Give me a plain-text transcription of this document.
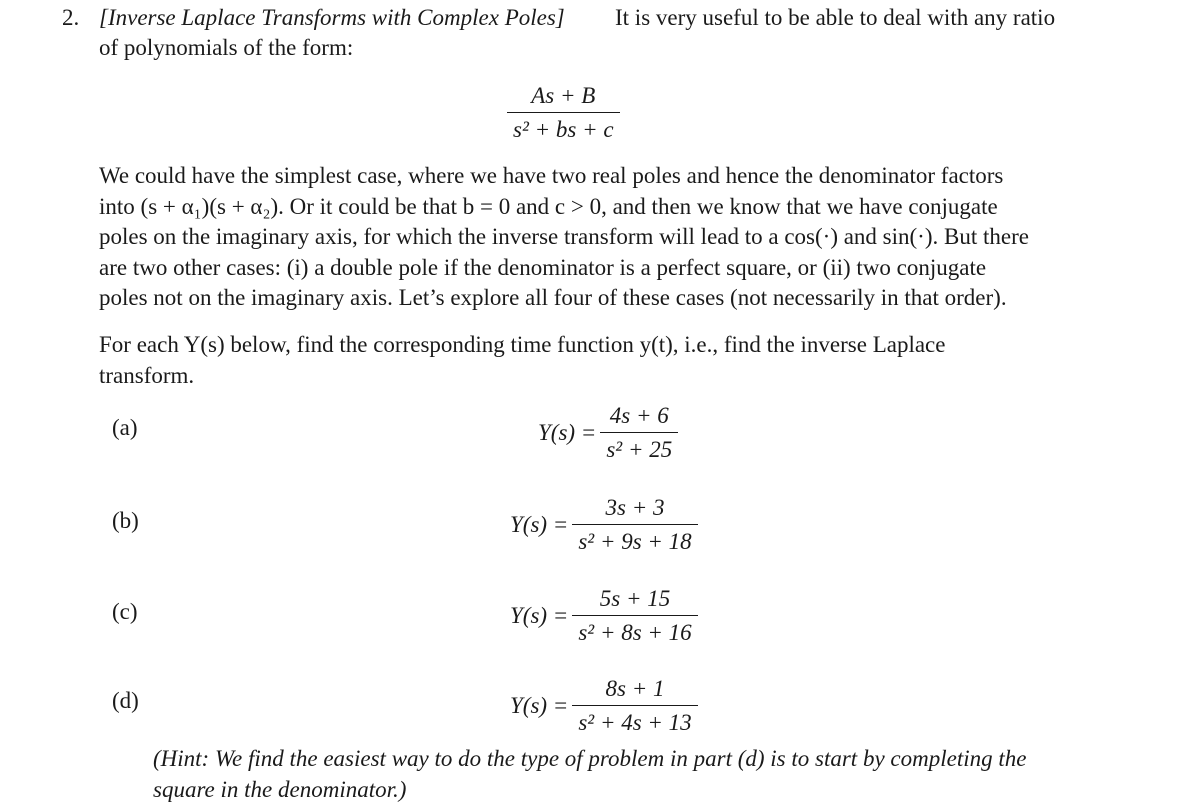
2. [Inverse Laplace Transforms with Complex Poles] It is very useful to be able to deal with any ratio
of polynomials of the form:
$\frac{As + B}{\text{s² + bs + c}}$
We could have the simplest case, where we have two real poles and hence the denominator factors
into (s + α₁)(s + α₂). Or it could be that b = 0 and c > 0, and then we know that we have conjugate
poles on the imaginary axis, for which the inverse transform will lead to a cos(·) and sin(·). But there
are two other cases: (i) a double pole if the denominator is a perfect square, or (ii) two conjugate
poles not on the imaginary axis. Let’s explore all four of these cases (not necessarily in that order).
For each Y(s) below, find the corresponding time function y(t), i.e., find the inverse Laplace
transform.
(a)	$Y(s) = \frac{4s + 6}{\text{s² + 25}}$
(b)	$Y(s) = \frac{3s + 3}{\text{s² + 9s + 18}}$
(c)	$Y(s) = \frac{5s + 15}{\text{s² + 8s + 16}}$
(d)	$Y(s) = \frac{8s + 1}{\text{s² + 4s + 13}}$
(Hint: We find the easiest way to do the type of problem in part (d) is to start by completing the
square in the denominator.)
